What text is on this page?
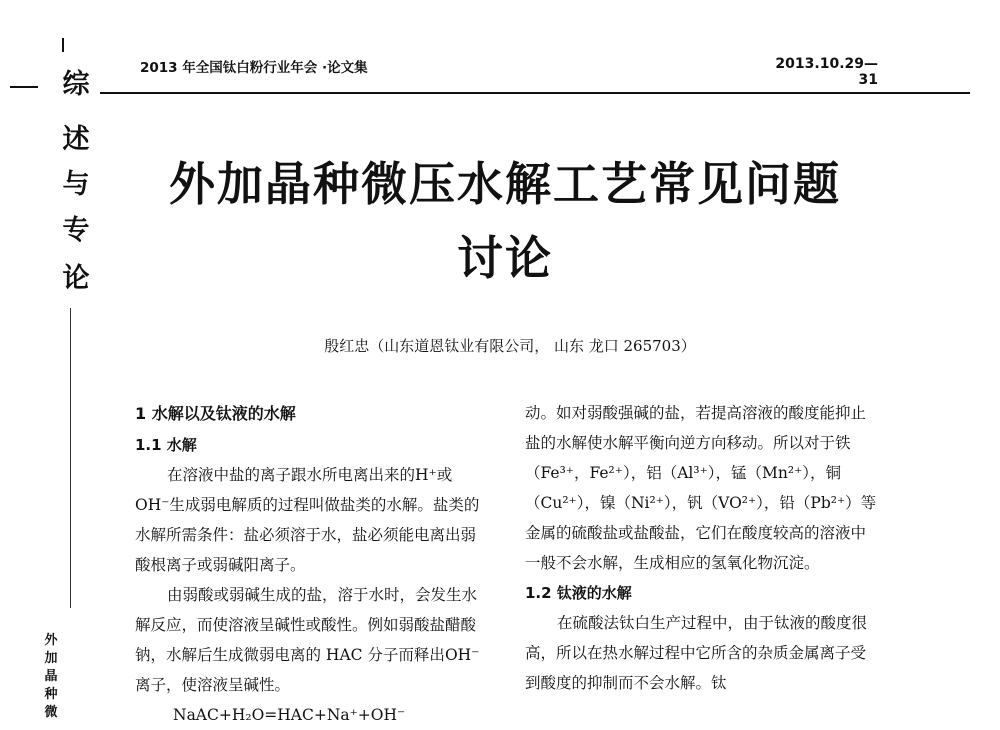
综
述
与
专
论
外
加
晶
种
微
2013 年全国钛白粉行业年会 ·论文集	2013.10.29—31
外加晶种微压水解工艺常见问题
讨论
殷红忠（山东道恩钛业有限公司， 山东 龙口 265703）
1 水解以及钛液的水解
1.1 水解

在溶液中盐的离子跟水所电离出来的H⁺或OH⁻生成弱电解质的过程叫做盐类的水解。盐类的水解所需条件：盐必须溶于水，盐必须能电离出弱酸根离子或弱碱阳离子。

由弱酸或弱碱生成的盐，溶于水时，会发生水解反应，而使溶液呈碱性或酸性。例如弱酸盐醋酸钠，水解后生成微弱电离的 HAC 分子而释出OH⁻离子，使溶液呈碱性。

NaAC+H₂O=HAC+Na⁺+OH⁻

动。如对弱酸强碱的盐，若提高溶液的酸度能抑止盐的水解使水解平衡向逆方向移动。所以对于铁（Fe³⁺，Fe²⁺），铝（Al³⁺），锰（Mn²⁺），铜（Cu²⁺），镍（Ni²⁺），钒（VO²⁺），铅（Pb²⁺）等金属的硫酸盐或盐酸盐，它们在酸度较高的溶液中一般不会水解，生成相应的氢氧化物沉淀。

1.2 钛液的水解

在硫酸法钛白生产过程中，由于钛液的酸度很高，所以在热水解过程中它所含的杂质金属离子受到酸度的抑制而不会水解。钛
